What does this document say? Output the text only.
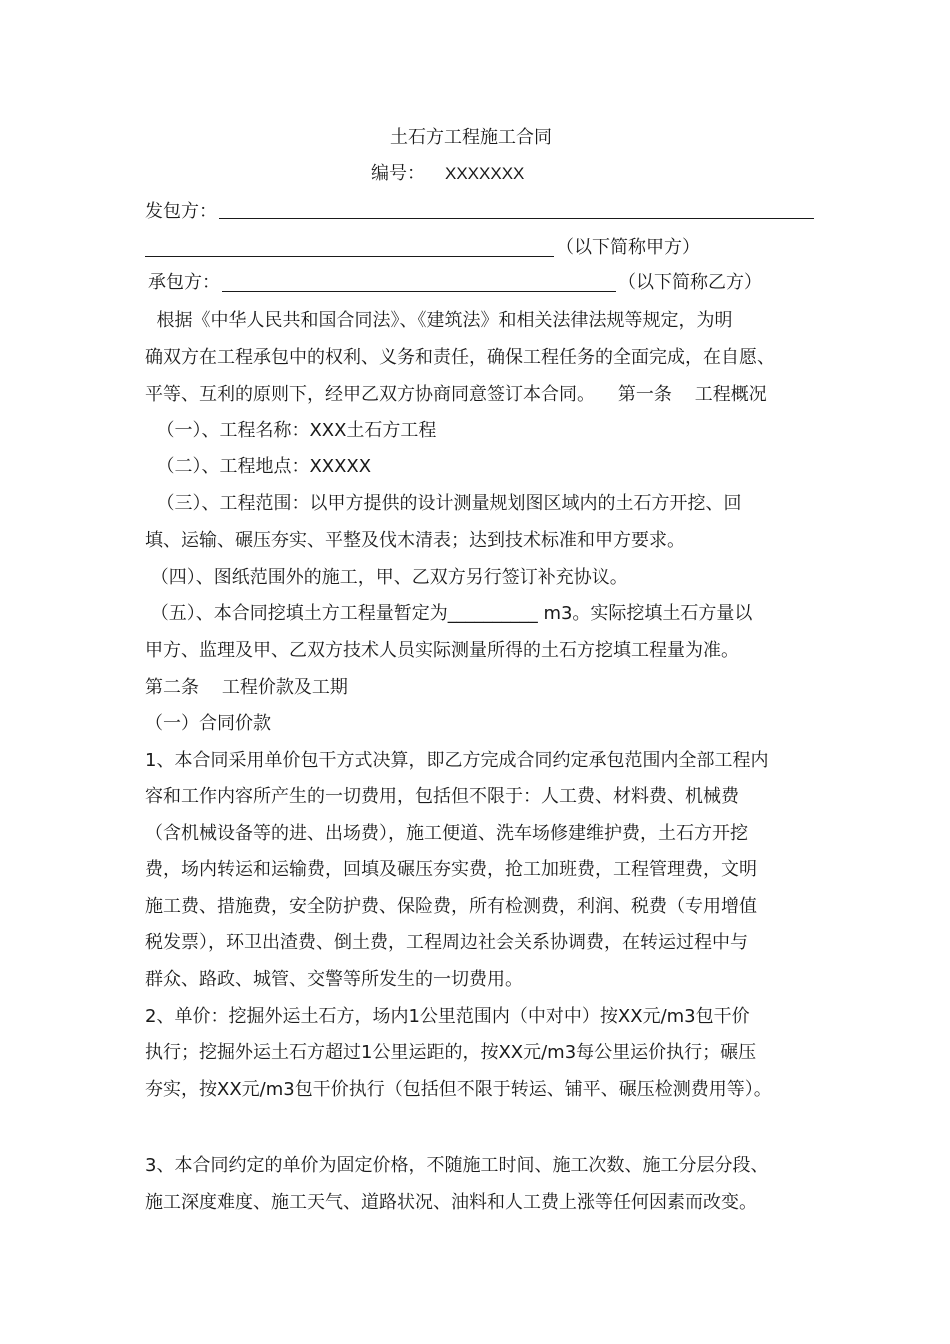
土石方工程施工合同
编号： XXXXXXX
发包方：
（以下简称甲方）
承包方：	（以下简称乙方）
根据《中华人民共和国合同法》、《建筑法》和相关法律法规等规定，为明
确双方在工程承包中的权利、义务和责任，确保工程任务的全面完成，在自愿、
平等、互利的原则下，经甲乙双方协商同意签订本合同。    第一条    工程概况
（一）、工程名称：XXX土石方工程
（二）、工程地点：XXXXX
（三）、工程范围：以甲方提供的设计测量规划图区域内的土石方开挖、回
填、运输、碾压夯实、平整及伐木清表；达到技术标准和甲方要求。
（四）、图纸范围外的施工，甲、乙双方另行签订补充协议。
（五）、本合同挖填土方工程量暂定为__________ m3。实际挖填土石方量以
甲方、监理及甲、乙双方技术人员实际测量所得的土石方挖填工程量为准。
第二条    工程价款及工期
（一）合同价款
1、本合同采用单价包干方式决算，即乙方完成合同约定承包范围内全部工程内
容和工作内容所产生的一切费用，包括但不限于：人工费、材料费、机械费
（含机械设备等的进、出场费），施工便道、洗车场修建维护费，土石方开挖
费，场内转运和运输费，回填及碾压夯实费，抢工加班费，工程管理费，文明
施工费、措施费，安全防护费、保险费，所有检测费，利润、税费（专用增值
税发票），环卫出渣费、倒土费，工程周边社会关系协调费，在转运过程中与
群众、路政、城管、交警等所发生的一切费用。
2、单价：挖掘外运土石方，场内1公里范围内（中对中）按XX元/m3包干价
执行；挖掘外运土石方超过1公里运距的，按XX元/m3每公里运价执行；碾压
夯实，按XX元/m3包干价执行（包括但不限于转运、铺平、碾压检测费用等）。
3、本合同约定的单价为固定价格，不随施工时间、施工次数、施工分层分段、
施工深度难度、施工天气、道路状况、油料和人工费上涨等任何因素而改变。
